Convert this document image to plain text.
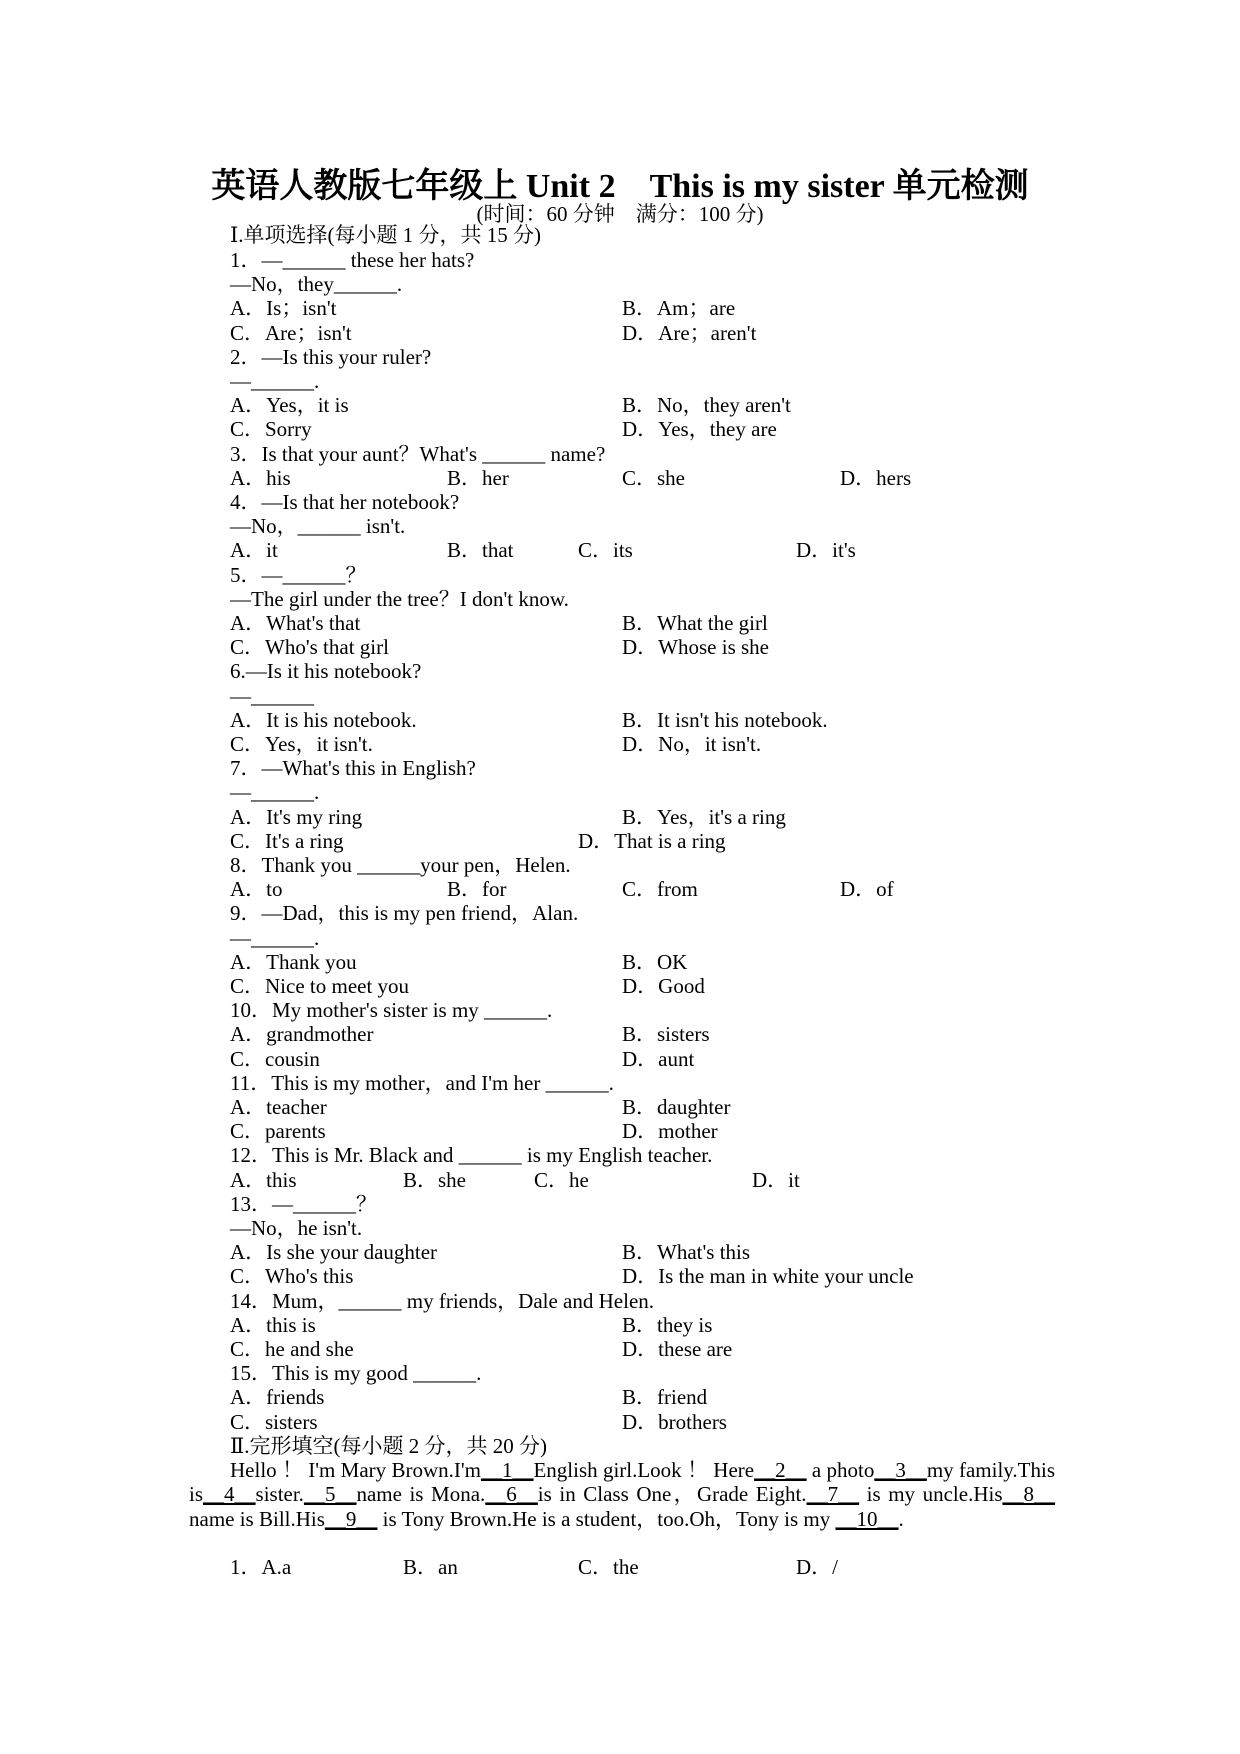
英语人教版七年级上 Unit 2　This is my sister 单元检测
(时间：60 分钟　满分：100 分)
Ⅰ.单项选择(每小题 1 分，共 15 分)
1．—______ these her hats?
—No，they______.
A．Is；isn't	B．Am；are
C．Are；isn't	D．Are；aren't
2．—Is this your ruler?
—______.
A．Yes，it is	B．No，they aren't
C．Sorry	D．Yes，they are
3．Is that your aunt？What's ______ name?
A．his	B．her	C．she	D．hers
4．—Is that her notebook?
—No，______ isn't.
A．it	B．that	C．its	D．it's
5．—______？
—The girl under the tree？I don't know.
A．What's that	B．What the girl
C．Who's that girl	D．Whose is she
6.—Is it his notebook?
—______
A．It is his notebook.	B．It isn't his notebook.
C．Yes，it isn't.	D．No，it isn't.
7．—What's this in English?
—______.
A．It's my ring	B．Yes，it's a ring
C．It's a ring	D．That is a ring
8．Thank you ______your pen，Helen.
A．to	B．for	C．from	D．of
9．—Dad，this is my pen friend，Alan.
—______.
A．Thank you	B．OK
C．Nice to meet you	D．Good
10．My mother's sister is my ______.
A．grandmother	B．sisters
C．cousin	D．aunt
11．This is my mother，and I'm her ______.
A．teacher	B．daughter
C．parents	D．mother
12．This is Mr. Black and ______ is my English teacher.
A．this	B．she	C．he	D．it
13．—______？
—No，he isn't.
A．Is she your daughter	B．What's this
C．Who's this	D．Is the man in white your uncle
14．Mum，______ my friends，Dale and Helen.
A．this is	B．they is
C．he and she	D．these are
15．This is my good ______.
A．friends	B．friend
C．sisters	D．brothers
Ⅱ.完形填空(每小题 2 分，共 20 分)
Hello ！ I'm Mary Brown.I'm__1__English girl.Look ！ Here__2__ a photo__3__my family.This is__4__sister.__5__name is Mona.__6__is in Class One，Grade Eight.__7__ is my uncle.His__8__ name is Bill.His__9__ is Tony Brown.He is a student，too.Oh，Tony is my __10__.
1．A.a	B．an	C．the	D．/
